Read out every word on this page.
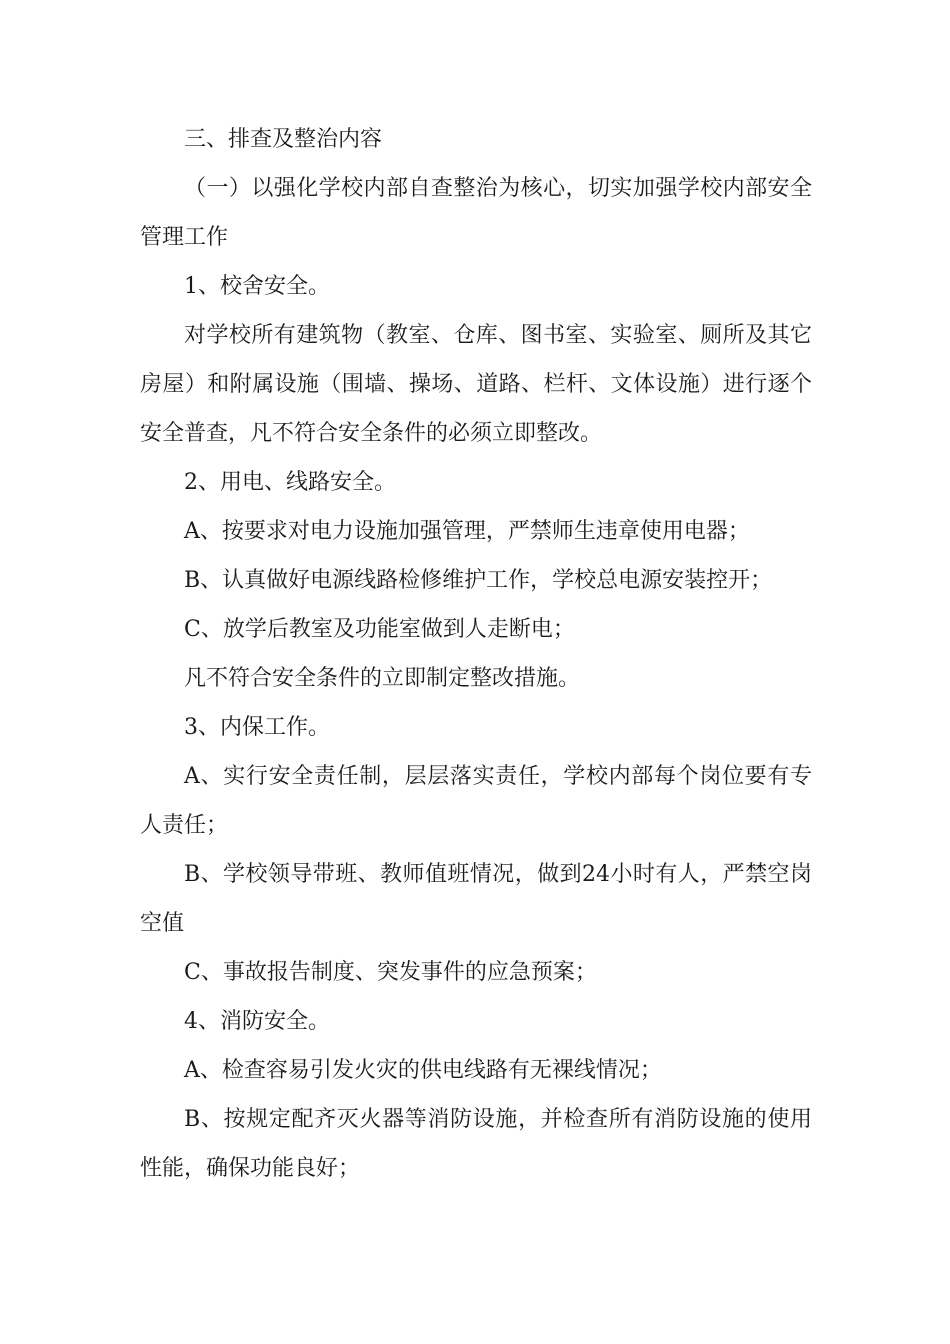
三、排查及整治内容

（一）以强化学校内部自查整治为核心，切实加强学校内部安全管理工作

1、校舍安全。

对学校所有建筑物（教室、仓库、图书室、实验室、厕所及其它房屋）和附属设施（围墙、操场、道路、栏杆、文体设施）进行逐个安全普查，凡不符合安全条件的必须立即整改。

2、用电、线路安全。

A、按要求对电力设施加强管理，严禁师生违章使用电器；

B、认真做好电源线路检修维护工作，学校总电源安装控开；

C、放学后教室及功能室做到人走断电；

凡不符合安全条件的立即制定整改措施。

3、内保工作。

A、实行安全责任制，层层落实责任，学校内部每个岗位要有专人责任；

B、学校领导带班、教师值班情况，做到24小时有人，严禁空岗空值

C、事故报告制度、突发事件的应急预案；

4、消防安全。

A、检查容易引发火灾的供电线路有无裸线情况；

B、按规定配齐灭火器等消防设施，并检查所有消防设施的使用性能，确保功能良好；
